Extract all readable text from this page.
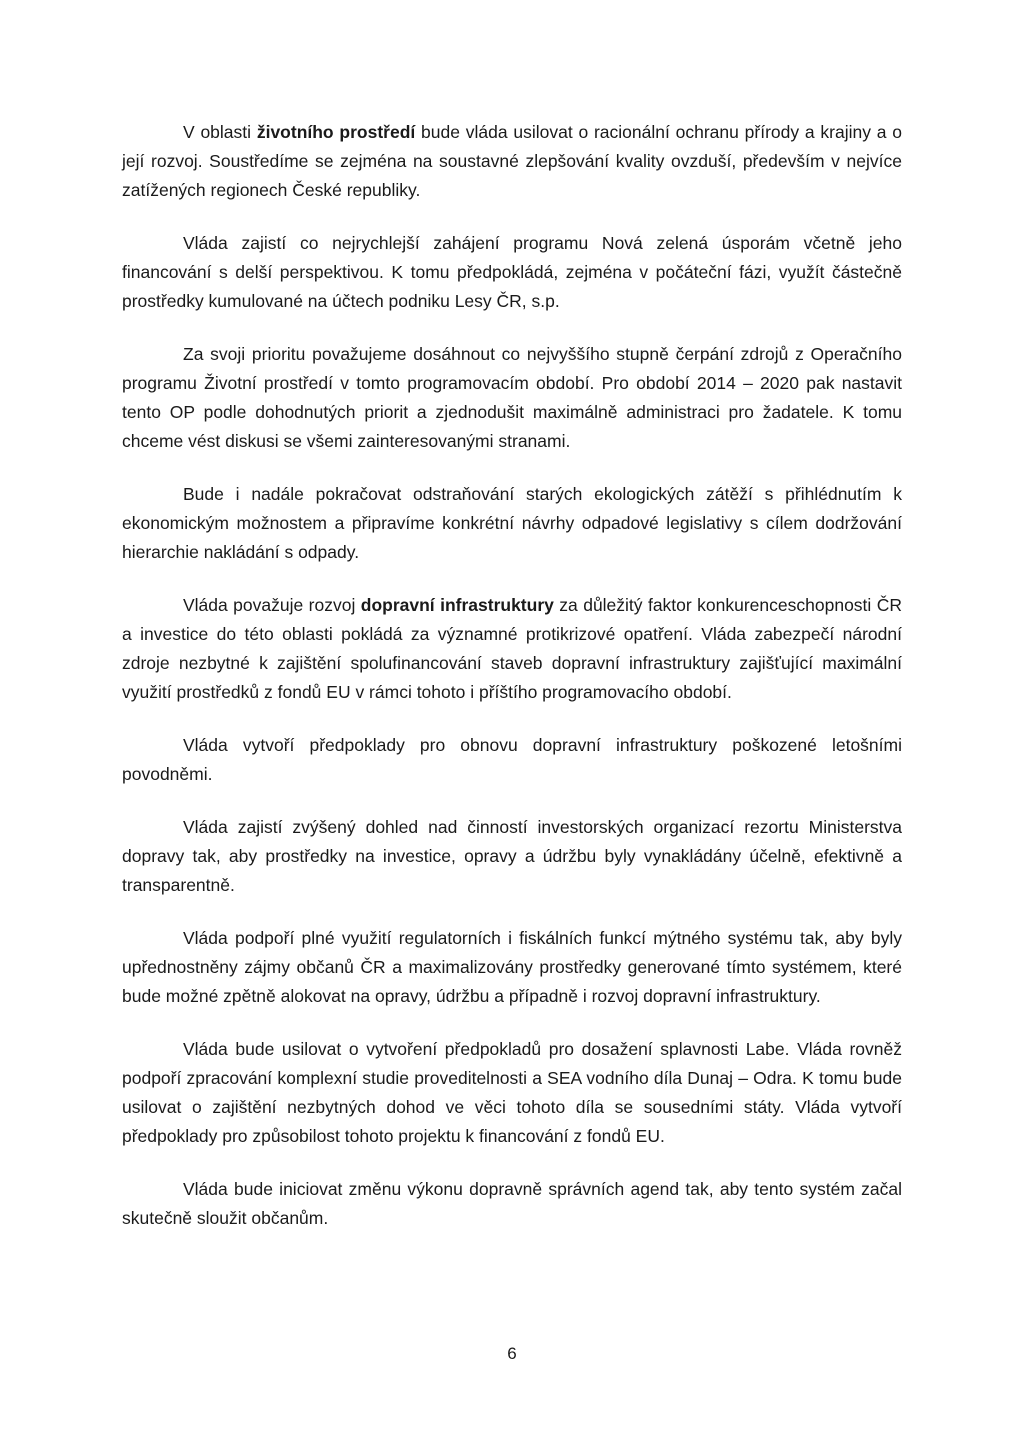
V oblasti životního prostředí bude vláda usilovat o racionální ochranu přírody a krajiny a o její rozvoj. Soustředíme se zejména na soustavné zlepšování kvality ovzduší, především v nejvíce zatížených regionech České republiky.

Vláda zajistí co nejrychlejší zahájení programu Nová zelená úsporám včetně jeho financování s delší perspektivou. K tomu předpokládá, zejména v počáteční fázi, využít částečně prostředky kumulované na účtech podniku Lesy ČR, s.p.

Za svoji prioritu považujeme dosáhnout co nejvyššího stupně čerpání zdrojů z Operačního programu Životní prostředí v tomto programovacím období. Pro období 2014 – 2020 pak nastavit tento OP podle dohodnutých priorit a zjednodušit maximálně administraci pro žadatele. K tomu chceme vést diskusi se všemi zainteresovanými stranami.

Bude i nadále pokračovat odstraňování starých ekologických zátěží s přihlédnutím k ekonomickým možnostem a připravíme konkrétní návrhy odpadové legislativy s cílem dodržování hierarchie nakládání s odpady.

Vláda považuje rozvoj dopravní infrastruktury za důležitý faktor konkurenceschopnosti ČR a investice do této oblasti pokládá za významné protikrizové opatření. Vláda zabezpečí národní zdroje nezbytné k zajištění spolufinancování staveb dopravní infrastruktury zajišťující maximální využití prostředků z fondů EU v rámci tohoto i příštího programovacího období.

Vláda vytvoří předpoklady pro obnovu dopravní infrastruktury poškozené letošními povodněmi.

Vláda zajistí zvýšený dohled nad činností investorských organizací rezortu Ministerstva dopravy tak, aby prostředky na investice, opravy a údržbu byly vynakládány účelně, efektivně a transparentně.

Vláda podpoří plné využití regulatorních i fiskálních funkcí mýtného systému tak, aby byly upřednostněny zájmy občanů ČR a maximalizovány prostředky generované tímto systémem, které bude možné zpětně alokovat na opravy, údržbu a případně i rozvoj dopravní infrastruktury.

Vláda bude usilovat o vytvoření předpokladů pro dosažení splavnosti Labe. Vláda rovněž podpoří zpracování komplexní studie proveditelnosti a SEA vodního díla Dunaj – Odra. K tomu bude usilovat o zajištění nezbytných dohod ve věci tohoto díla se sousedními státy. Vláda vytvoří předpoklady pro způsobilost tohoto projektu k financování z fondů EU.

Vláda bude iniciovat změnu výkonu dopravně správních agend tak, aby tento systém začal skutečně sloužit občanům.

6
